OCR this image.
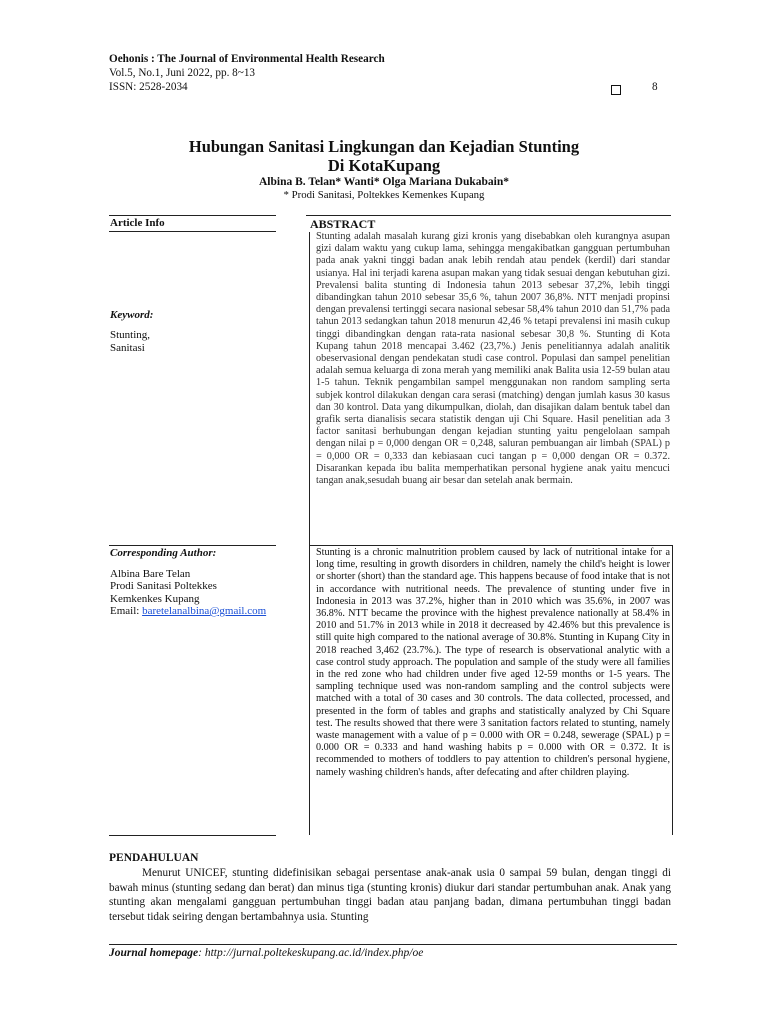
Oehonis : The Journal of Environmental Health Research
Vol.5, No.1, Juni 2022, pp. 8~13
ISSN: 2528-2034	8
Hubungan Sanitasi Lingkungan dan Kejadian Stunting
Di KotaKupang
Albina B. Telan* Wanti* Olga Mariana Dukabain*
* Prodi Sanitasi, Poltekkes Kemenkes Kupang
Article Info
Keyword:
Stunting,
Sanitasi
Corresponding Author:
Albina Bare Telan
Prodi Sanitasi Poltekkes
Kemkenkes Kupang
Email: baretelanalbina@gmail.com
ABSTRACT
Stunting adalah masalah kurang gizi kronis yang disebabkan oleh kurangnya asupan gizi dalam waktu yang cukup lama, sehingga mengakibatkan gangguan pertumbuhan pada anak yakni tinggi badan anak lebih rendah atau pendek (kerdil) dari standar usianya. Hal ini terjadi karena asupan makan yang tidak sesuai dengan kebutuhan gizi. Prevalensi balita stunting di Indonesia tahun 2013 sebesar 37,2%, lebih tinggi dibandingkan tahun 2010 sebesar 35,6 %, tahun 2007 36,8%. NTT menjadi propinsi dengan prevalensi tertinggi secara nasional sebesar 58,4% tahun 2010 dan 51,7% pada tahun 2013 sedangkan tahun 2018 menurun 42,46 % tetapi prevalensi ini masih cukup tinggi dibandingkan dengan rata-rata nasional sebesar 30,8 %. Stunting di Kota Kupang tahun 2018 mencapai 3.462 (23,7%.) Jenis penelitiannya adalah analitik obeservasional dengan pendekatan studi case control. Populasi dan sampel penelitian adalah semua keluarga di zona merah yang memiliki anak Balita usia 12-59 bulan atau 1-5 tahun. Teknik pengambilan sampel menggunakan non random sampling serta subjek kontrol dilakukan dengan cara serasi (matching) dengan jumlah kasus 30 kasus dan 30 kontrol. Data yang dikumpulkan, diolah, dan disajikan dalam bentuk tabel dan grafik serta dianalisis secara statistik dengan uji Chi Square. Hasil penelitian ada 3 factor sanitasi berhubungan dengan kejadian stunting yaitu pengelolaan sampah dengan nilai p = 0,000 dengan OR = 0,248, saluran pembuangan air limbah (SPAL) p = 0,000 OR = 0,333 dan kebiasaan cuci tangan p = 0,000 dengan OR = 0.372. Disarankan kepada ibu balita memperhatikan personal hygiene anak yaitu mencuci tangan anak,sesudah buang air besar dan setelah anak bermain.
Stunting is a chronic malnutrition problem caused by lack of nutritional intake for a long time, resulting in growth disorders in children, namely the child's height is lower or shorter (short) than the standard age. This happens because of food intake that is not in accordance with nutritional needs. The prevalence of stunting under five in Indonesia in 2013 was 37.2%, higher than in 2010 which was 35.6%, in 2007 was 36.8%. NTT became the province with the highest prevalence nationally at 58.4% in 2010 and 51.7% in 2013 while in 2018 it decreased by 42.46% but this prevalence is still quite high compared to the national average of 30.8%. Stunting in Kupang City in 2018 reached 3,462 (23.7%.). The type of research is observational analytic with a case control study approach. The population and sample of the study were all families in the red zone who had children under five aged 12-59 months or 1-5 years. The sampling technique used was non-random sampling and the control subjects were matched with a total of 30 cases and 30 controls. The data collected, processed, and presented in the form of tables and graphs and statistically analyzed by Chi Square test. The results showed that there were 3 sanitation factors related to stunting, namely waste management with a value of p = 0.000 with OR = 0.248, sewerage (SPAL) p = 0.000 OR = 0.333 and hand washing habits p = 0.000 with OR = 0.372. It is recommended to mothers of toddlers to pay attention to children's personal hygiene, namely washing children's hands, after defecating and after children playing.
PENDAHULUAN
Menurut UNICEF, stunting didefinisikan sebagai persentase anak-anak usia 0 sampai 59 bulan, dengan tinggi di bawah minus (stunting sedang dan berat) dan minus tiga (stunting kronis) diukur dari standar pertumbuhan anak. Anak yang stunting akan mengalami gangguan pertumbuhan tinggi badan atau panjang badan, dimana pertumbuhan tinggi badan tersebut tidak seiring dengan bertambahnya usia. Stunting
Journal homepage: http://jurnal.poltekeskupang.ac.id/index.php/oe
